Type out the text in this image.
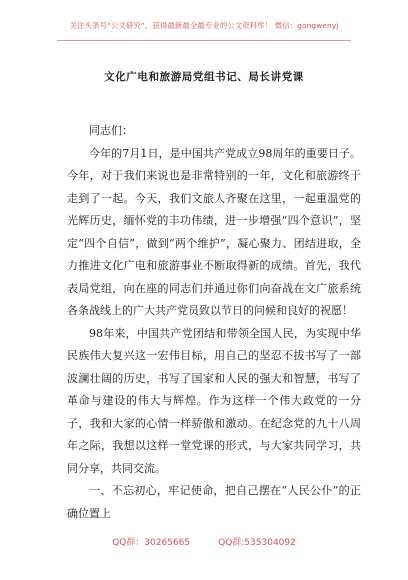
关注头条号“公文研究”，获得最新最全最专业的公文资料库！ 微信：gongwenyj
文化广电和旅游局党组书记、局长讲党课

同志们：

今年的7月1日，是中国共产党成立98周年的重要日子。今年，对于我们来说也是非常特别的一年，文化和旅游终于走到了一起。今天，我们文旅人齐聚在这里，一起重温党的光辉历史，缅怀党的丰功伟绩，进一步增强“四个意识”，坚定“四个自信”，做到“两个维护”，凝心聚力、团结进取，全力推进文化广电和旅游事业不断取得新的成绩。首先，我代表局党组，向在座的同志们并通过你们向奋战在文广旅系统各条战线上的广大共产党员致以节日的问候和良好的祝愿！

98年来，中国共产党团结和带领全国人民，为实现中华民族伟大复兴这一宏伟目标，用自己的坚忍不拔书写了一部波澜壮阔的历史，书写了国家和人民的强大和智慧，书写了革命与建设的伟大与辉煌。作为这样一个伟大政党的一分子，我和大家的心情一样骄傲和激动。在纪念党的九十八周年之际，我想以这样一堂党课的形式，与大家共同学习，共同分享，共同交流。

一、不忘初心，牢记使命，把自己摆在“人民公仆”的正确位置上

QQ群：30265665	QQ群:535304092
